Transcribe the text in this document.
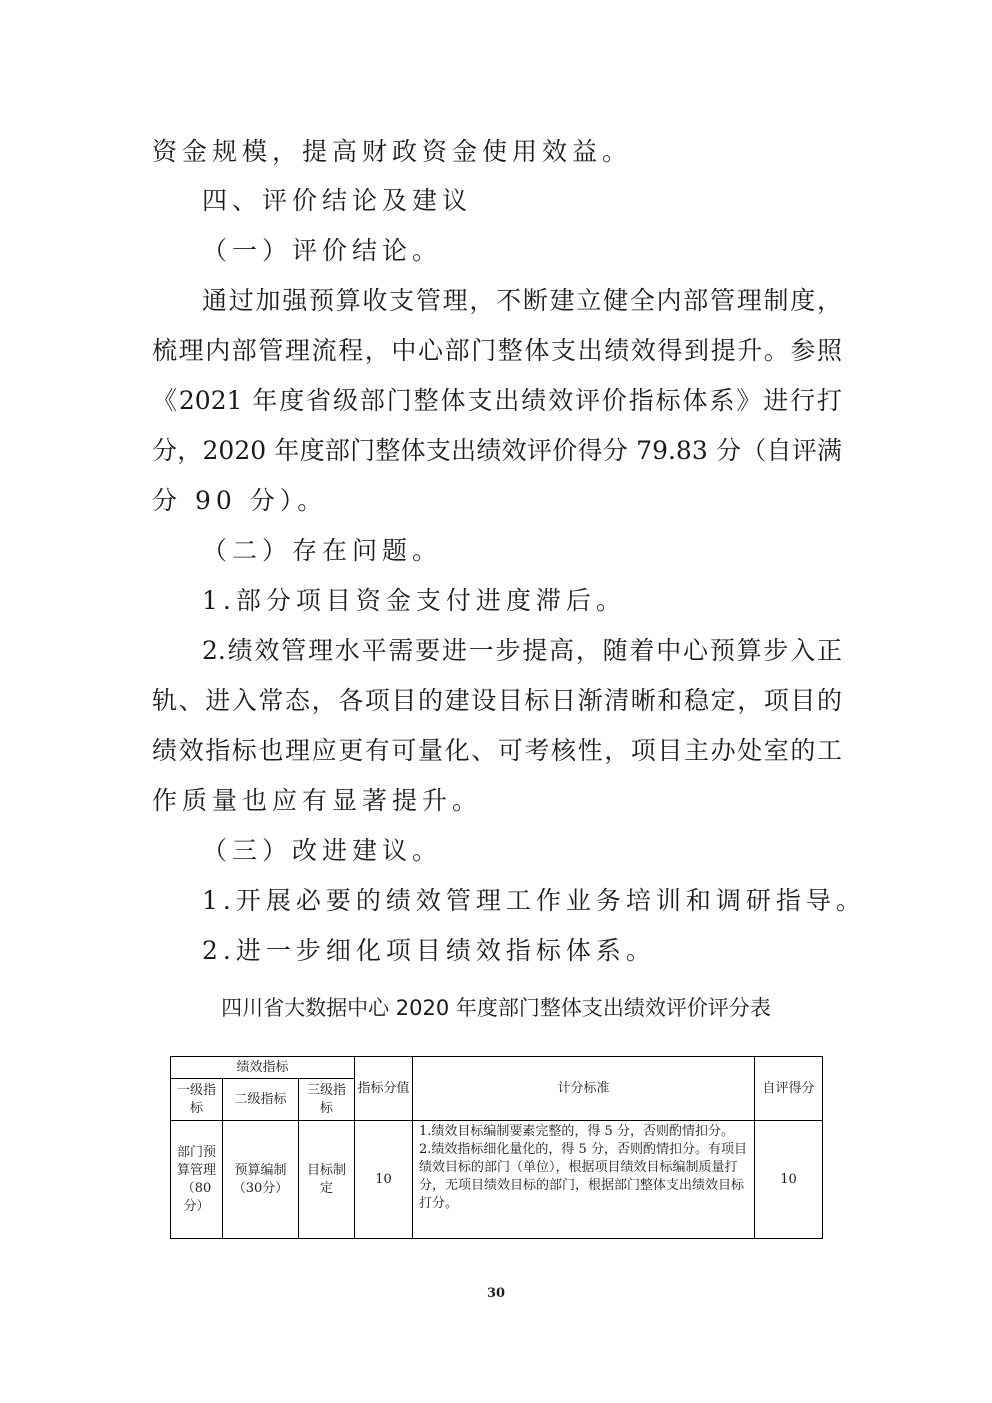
资金规模，提高财政资金使用效益。
四、评价结论及建议
（一）评价结论。
通过加强预算收支管理，不断建立健全内部管理制度，
梳理内部管理流程，中心部门整体支出绩效得到提升。参照
《2021 年度省级部门整体支出绩效评价指标体系》进行打
分，2020 年度部门整体支出绩效评价得分 79.83 分（自评满
分 90 分）。
（二）存在问题。
1.部分项目资金支付进度滞后。
2.绩效管理水平需要进一步提高，随着中心预算步入正
轨、进入常态，各项目的建设目标日渐清晰和稳定，项目的
绩效指标也理应更有可量化、可考核性，项目主办处室的工
作质量也应有显著提升。
（三）改进建议。
1.开展必要的绩效管理工作业务培训和调研指导。
2.进一步细化项目绩效指标体系。
四川省大数据中心 2020 年度部门整体支出绩效评价评分表
绩效指标			指标分值	计分标准	自评得分
一级指标	二级指标	三级指标			
部门预算管理（80分）	预算编制（30分）	目标制定	10	1.绩效目标编制要素完整的，得 5 分，否则酌情扣分。
2.绩效指标细化量化的，得 5 分，否则酌情扣分。有项目绩效目标的部门（单位），根据项目绩效目标编制质量打分，无项目绩效目标的部门，根据部门整体支出绩效目标打分。	10
30
